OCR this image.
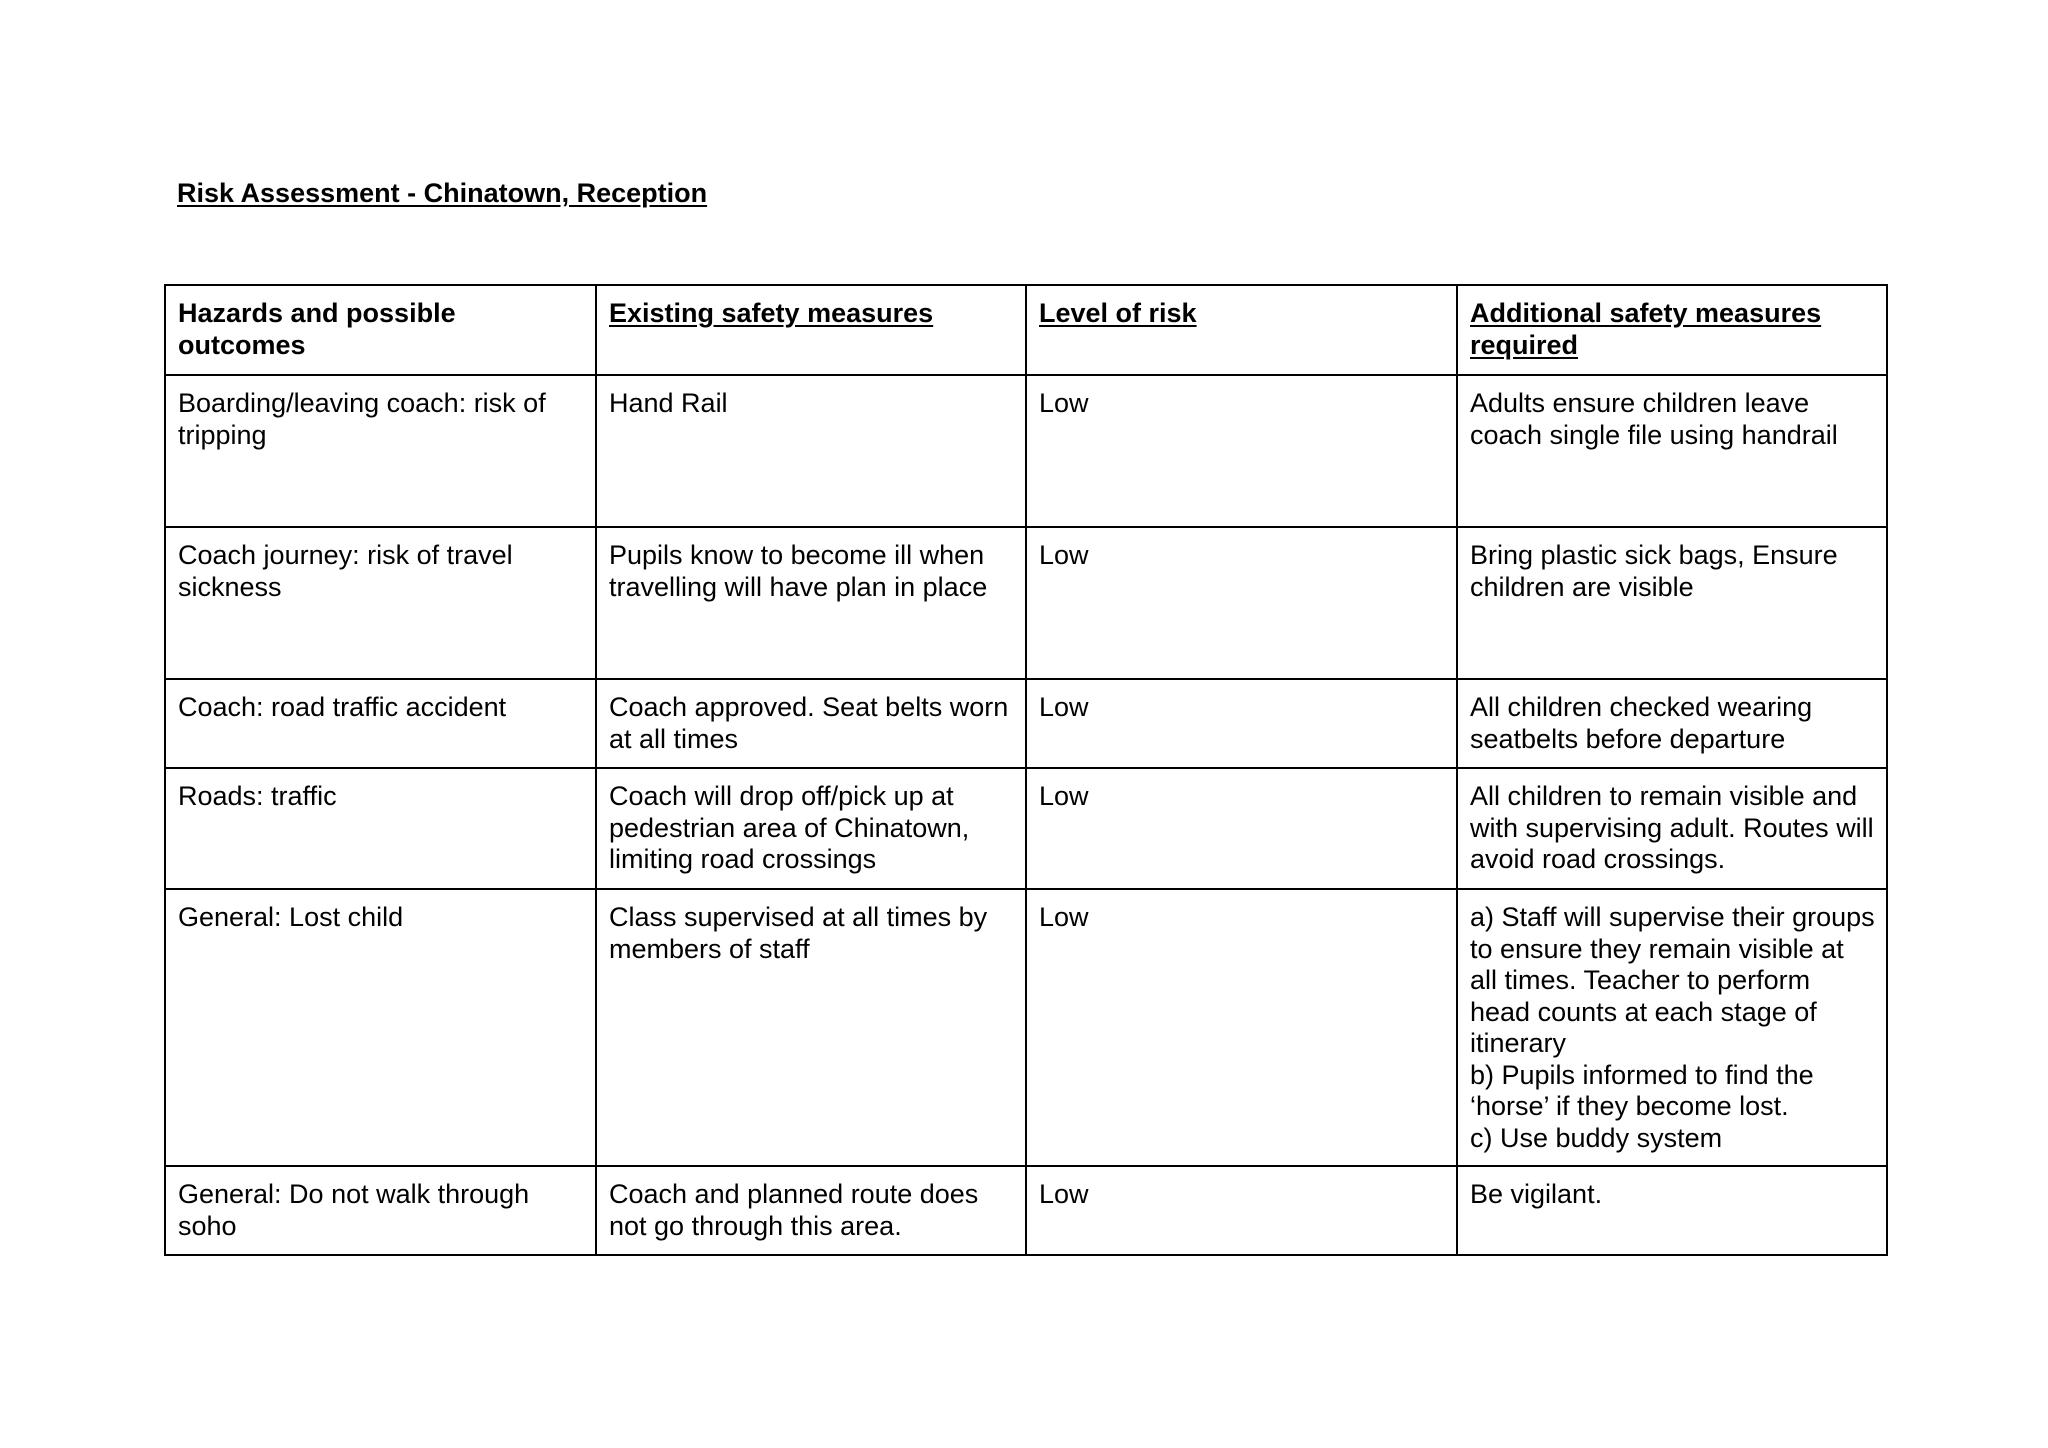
Risk Assessment - Chinatown, Reception
Hazards and possible outcomes	Existing safety measures	Level of risk	Additional safety measures required
Boarding/leaving coach: risk of tripping	Hand Rail	Low	Adults ensure children leave coach single file using handrail
Coach journey: risk of travel sickness	Pupils know to become ill when travelling will have plan in place	Low	Bring plastic sick bags, Ensure children are visible
Coach: road traffic accident	Coach approved. Seat belts worn at all times	Low	All children checked wearing seatbelts before departure
Roads: traffic	Coach will drop off/pick up at pedestrian area of Chinatown, limiting road crossings	Low	All children to remain visible and with supervising adult. Routes will avoid road crossings.
General: Lost child	Class supervised at all times by members of staff	Low	a) Staff will supervise their groups to ensure they remain visible at all times. Teacher to perform head counts at each stage of itinerary
b) Pupils informed to find the ‘horse’ if they become lost.
c) Use buddy system
General: Do not walk through soho	Coach and planned route does not go through this area.	Low	Be vigilant.
